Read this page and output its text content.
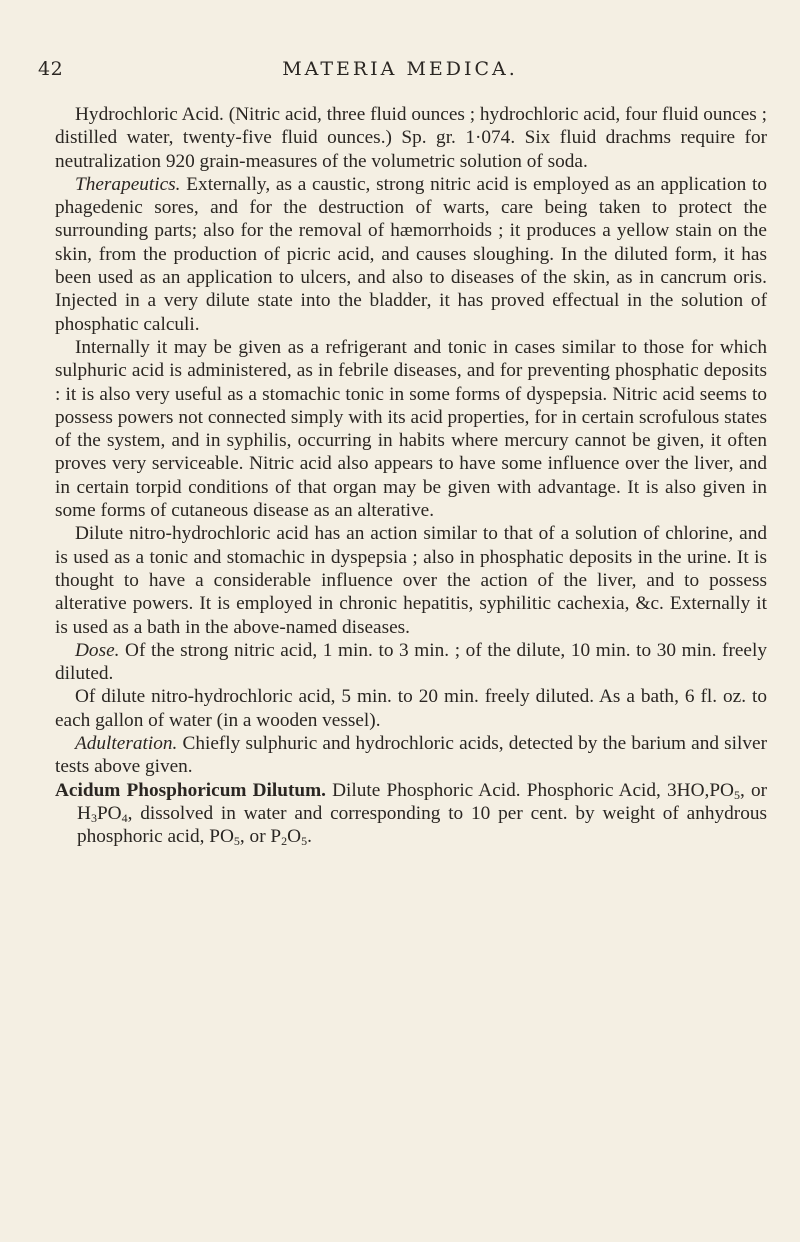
42	MATERIA MEDICA.

Hydrochloric Acid. (Nitric acid, three fluid ounces ; hydrochloric acid, four fluid ounces ; distilled water, twenty-five fluid ounces.) Sp. gr. 1·074. Six fluid drachms require for neutralization 920 grain-measures of the volumetric solution of soda.

Therapeutics. Externally, as a caustic, strong nitric acid is employed as an application to phagedenic sores, and for the destruction of warts, care being taken to protect the surrounding parts; also for the removal of hæmorrhoids ; it produces a yellow stain on the skin, from the production of picric acid, and causes sloughing. In the diluted form, it has been used as an application to ulcers, and also to diseases of the skin, as in cancrum oris. Injected in a very dilute state into the bladder, it has proved effectual in the solution of phosphatic calculi.

Internally it may be given as a refrigerant and tonic in cases similar to those for which sulphuric acid is administered, as in febrile diseases, and for preventing phosphatic deposits : it is also very useful as a stomachic tonic in some forms of dyspepsia. Nitric acid seems to possess powers not connected simply with its acid properties, for in certain scrofulous states of the system, and in syphilis, occurring in habits where mercury cannot be given, it often proves very serviceable. Nitric acid also appears to have some influence over the liver, and in certain torpid conditions of that organ may be given with advantage. It is also given in some forms of cutaneous disease as an alterative.

Dilute nitro-hydrochloric acid has an action similar to that of a solution of chlorine, and is used as a tonic and stomachic in dyspepsia ; also in phosphatic deposits in the urine. It is thought to have a considerable influence over the action of the liver, and to possess alterative powers. It is employed in chronic hepatitis, syphilitic cachexia, &c. Externally it is used as a bath in the above-named diseases.

Dose. Of the strong nitric acid, 1 min. to 3 min. ; of the dilute, 10 min. to 30 min. freely diluted.

Of dilute nitro-hydrochloric acid, 5 min. to 20 min. freely diluted. As a bath, 6 fl. oz. to each gallon of water (in a wooden vessel).

Adulteration. Chiefly sulphuric and hydrochloric acids, detected by the barium and silver tests above given.

Acidum Phosphoricum Dilutum. Dilute Phosphoric Acid. Phosphoric Acid, $3HO,PO_5$, or $H_3PO_4$, dissolved in water and corresponding to 10 per cent. by weight of anhydrous phosphoric acid, $PO_5$, or $P_2O_5$.
